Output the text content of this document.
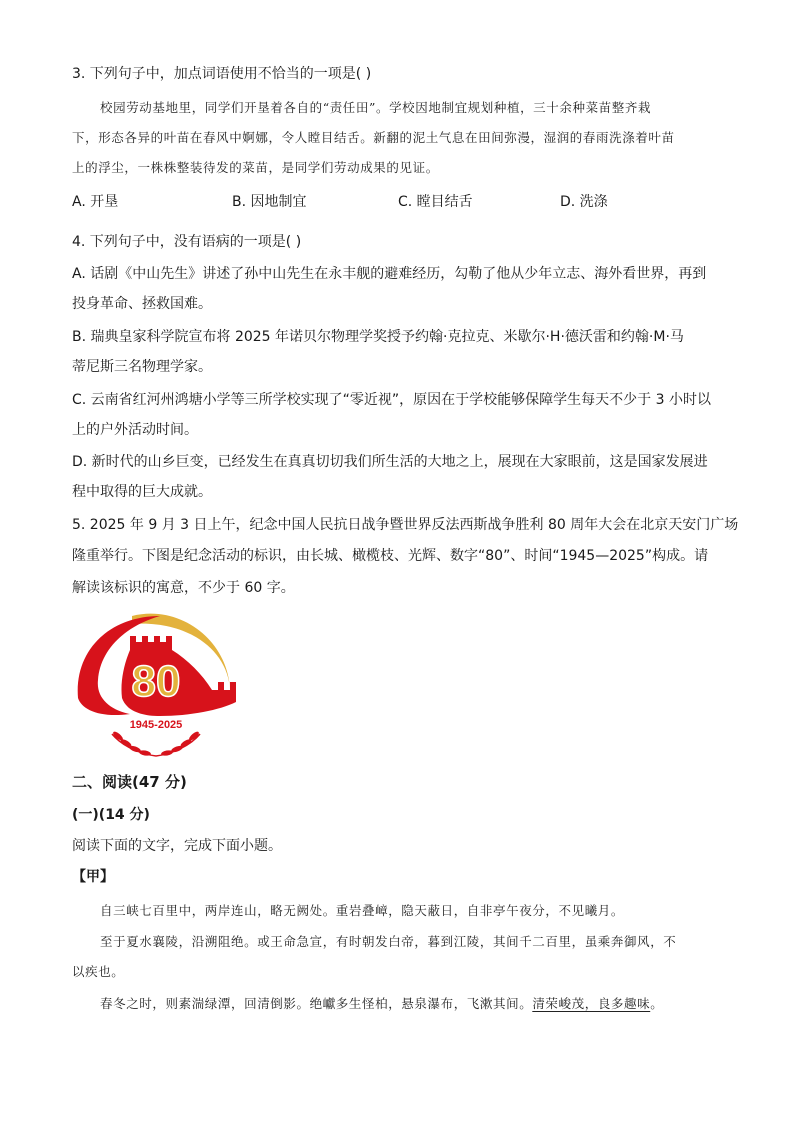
3. 下列句子中，加点词语使用不恰当的一项是( )
校园劳动基地里，同学们开垦着各自的“责任田”。学校因地制宜规划种植，三十余种菜苗整齐栽
下，形态各异的叶苗在春风中婀娜，令人瞠目结舌。新翻的泥土气息在田间弥漫，湿润的春雨洗涤着叶苗
上的浮尘，一株株整装待发的菜苗，是同学们劳动成果的见证。
A. 开垦	B. 因地制宜	C. 瞠目结舌	D. 洗涤
4. 下列句子中，没有语病的一项是( )
A. 话剧《中山先生》讲述了孙中山先生在永丰舰的避难经历，勾勒了他从少年立志、海外看世界，再到
投身革命、拯救国难。
B. 瑞典皇家科学院宣布将 2025 年诺贝尔物理学奖授予约翰·克拉克、米歇尔·H·德沃雷和约翰·M·马
蒂尼斯三名物理学家。
C. 云南省红河州鸿塘小学等三所学校实现了“零近视”，原因在于学校能够保障学生每天不少于 3 小时以
上的户外活动时间。
D. 新时代的山乡巨变，已经发生在真真切切我们所生活的大地之上，展现在大家眼前，这是国家发展进
程中取得的巨大成就。
5. 2025 年 9 月 3 日上午，纪念中国人民抗日战争暨世界反法西斯战争胜利 80 周年大会在北京天安门广场
隆重举行。下图是纪念活动的标识，由长城、橄榄枝、光辉、数字“80”、时间“1945—2025”构成。请
解读该标识的寓意，不少于 60 字。
80
1945-2025
二、阅读(47 分)
(一)(14 分)
阅读下面的文字，完成下面小题。
【甲】
自三峡七百里中，两岸连山，略无阙处。重岩叠嶂，隐天蔽日，自非亭午夜分，不见曦月。
至于夏水襄陵，沿溯阻绝。或王命急宣，有时朝发白帝，暮到江陵，其间千二百里，虽乘奔御风，不
以疾也。
春冬之时，则素湍绿潭，回清倒影。绝巘多生怪柏，悬泉瀑布，飞漱其间。清荣峻茂，良多趣味。
